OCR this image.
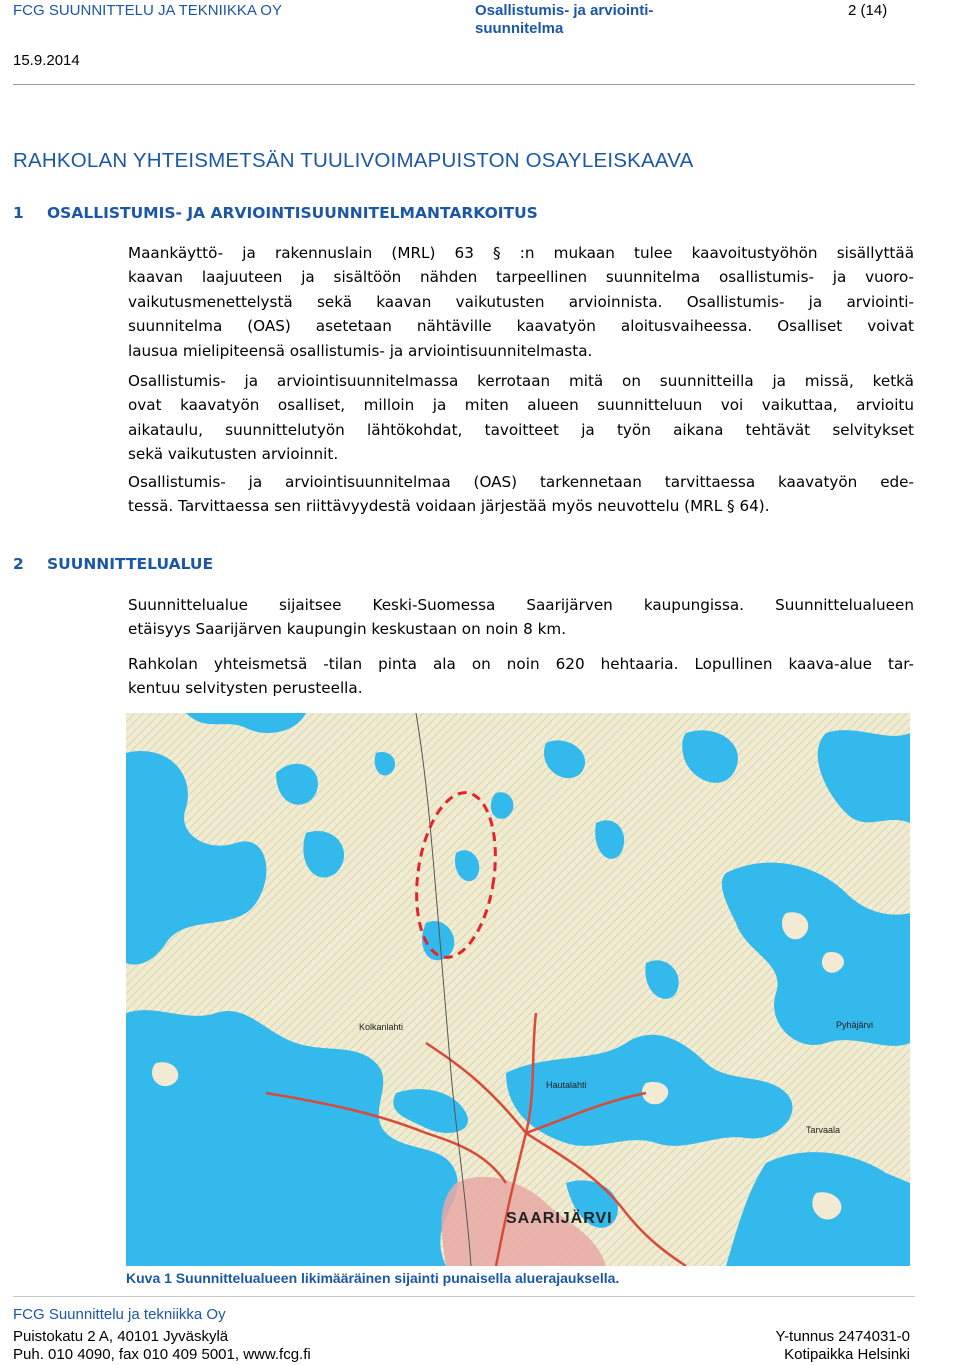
FCG SUUNNITTELU JA TEKNIIKKA OY	Osallistumis- ja arviointi-
suunnitelma
2 (14)
15.9.2014
RAHKOLAN YHTEISMETSÄN TUULIVOIMAPUISTON OSAYLEISKAAVA
1 OSALLISTUMIS- JA ARVIOINTISUUNNITELMANTARKOITUS
Maankäyttö- ja rakennuslain (MRL) 63 § :n mukaan tulee kaavoitustyöhön sisällyttää
kaavan laajuuteen ja sisältöön nähden tarpeellinen suunnitelma osallistumis- ja vuoro-
vaikutusmenettelystä sekä kaavan vaikutusten arvioinnista. Osallistumis- ja arviointi-
suunnitelma (OAS) asetetaan nähtäville kaavatyön aloitusvaiheessa. Osalliset voivat
lausua mielipiteensä osallistumis- ja arviointisuunnitelmasta.
Osallistumis- ja arviointisuunnitelmassa kerrotaan mitä on suunnitteilla ja missä, ketkä
ovat kaavatyön osalliset, milloin ja miten alueen suunnitteluun voi vaikuttaa, arvioitu
aikataulu, suunnittelutyön lähtökohdat, tavoitteet ja työn aikana tehtävät selvitykset
sekä vaikutusten arvioinnit.
Osallistumis- ja arviointisuunnitelmaa (OAS) tarkennetaan tarvittaessa kaavatyön ede-
tessä. Tarvittaessa sen riittävyydestä voidaan järjestää myös neuvottelu (MRL § 64).
2 SUUNNITTELUALUE
Suunnittelualue sijaitsee Keski-Suomessa Saarijärven kaupungissa. Suunnittelualueen
etäisyys Saarijärven kaupungin keskustaan on noin 8 km.
Rahkolan yhteismetsä -tilan pinta ala on noin 620 hehtaaria. Lopullinen kaava-alue tar-
kentuu selvitysten perusteella.
SAARIJÄRVI
Kolkanlahti	Pyhäjärvi
Hautalahti
Tarvaala
Kuva 1 Suunnittelualueen likimääräinen sijainti punaisella aluerajauksella.
FCG Suunnittelu ja tekniikka Oy
Puistokatu 2 A, 40101 Jyväskylä
Puh. 010 4090, fax 010 409 5001, www.fcg.fi
Y-tunnus 2474031-0
Kotipaikka Helsinki
